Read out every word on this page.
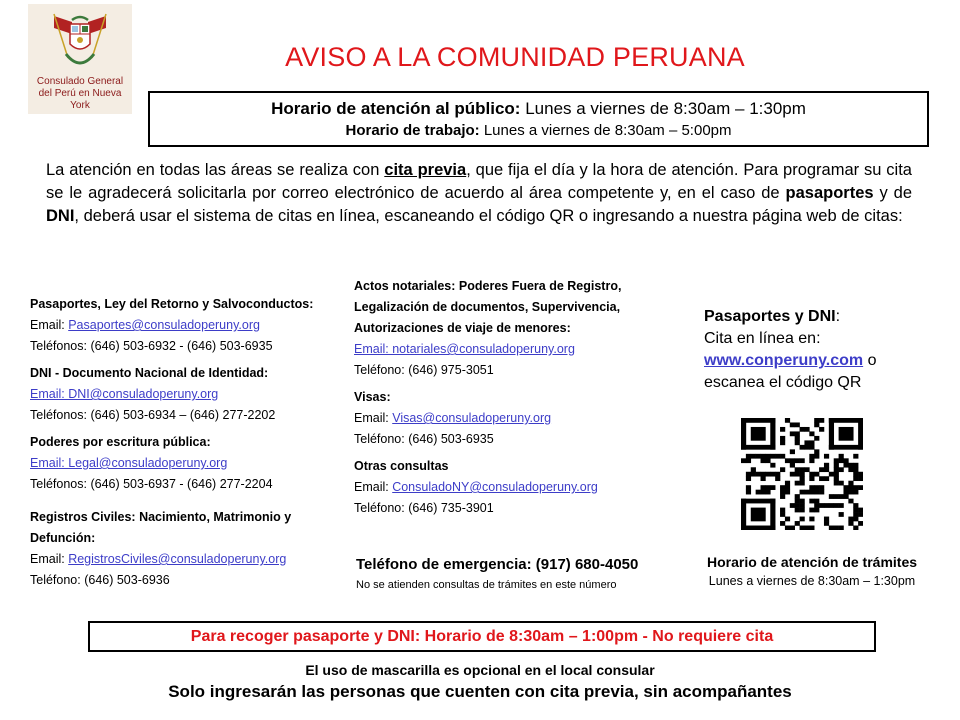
Consulado General
del Perú en Nueva York
AVISO A LA COMUNIDAD PERUANA
Horario de atención al público: Lunes a viernes de 8:30am – 1:30pm
Horario de trabajo: Lunes a viernes de 8:30am – 5:00pm
La atención en todas las áreas se realiza con cita previa, que fija el día y la hora de atención. Para programar su cita se le agradecerá solicitarla por correo electrónico de acuerdo al área competente y, en el caso de pasaportes y de DNI, deberá usar el sistema de citas en línea, escaneando el código QR o ingresando a nuestra página web de citas:
Pasaportes, Ley del Retorno y Salvoconductos:
Email: Pasaportes@consuladoperuny.org
Teléfonos: (646) 503-6932 - (646) 503-6935
DNI - Documento Nacional de Identidad:
Email: DNI@consuladoperuny.org
Teléfonos: (646) 503-6934 – (646) 277-2202
Poderes por escritura pública:
Email: Legal@consuladoperuny.org
Teléfonos: (646) 503-6937 - (646) 277-2204
Registros Civiles: Nacimiento, Matrimonio y Defunción:
Email: RegistrosCiviles@consuladoperuny.org
Teléfono: (646) 503-6936
Actos notariales: Poderes Fuera de Registro, Legalización de documentos, Supervivencia, Autorizaciones de viaje de menores:
Email: notariales@consuladoperuny.org
Teléfono: (646) 975-3051
Visas:
Email: Visas@consuladoperuny.org
Teléfono: (646) 503-6935
Otras consultas
Email: ConsuladoNY@consuladoperuny.org
Teléfono: (646) 735-3901
Teléfono de emergencia: (917) 680-4050
No se atienden consultas de trámites en este número
Pasaportes y DNI:
Cita en línea en:
www.conperuny.com o
escanea el código QR
Horario de atención de trámites
Lunes a viernes de 8:30am – 1:30pm
Para recoger pasaporte y DNI: Horario de 8:30am – 1:00pm - No requiere cita
El uso de mascarilla es opcional en el local consular
Solo ingresarán las personas que cuenten con cita previa, sin acompañantes
